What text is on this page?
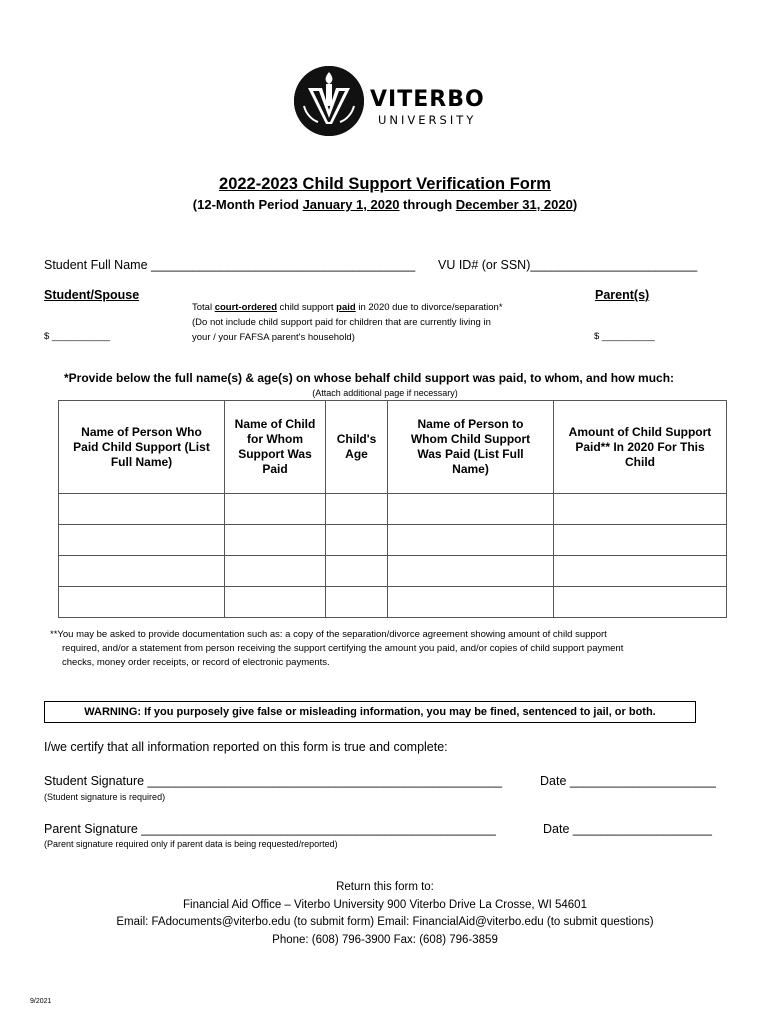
VITERBO
UNIVERSITY
2022-2023 Child Support Verification Form
(12-Month Period January 1, 2020 through December 31, 2020)
Student Full Name ______________________________________ VU ID# (or SSN)________________________
Student/Spouse	Parent(s)
Total court-ordered child support paid in 2020 due to divorce/separation*
(Do not include child support paid for children that are currently living in
your / your FAFSA parent's household)
$ ___________	$ __________
*Provide below the full name(s) & age(s) on whose behalf child support was paid, to whom, and how much:
(Attach additional page if necessary)
Name of Person Who Paid Child Support (List Full Name)	Name of Child for Whom Support Was Paid	Child's Age	Name of Person to Whom Child Support Was Paid (List Full Name)	Amount of Child Support Paid** In 2020 For This Child

**You may be asked to provide documentation such as: a copy of the separation/divorce agreement showing amount of child support
required, and/or a statement from person receiving the support certifying the amount you paid, and/or copies of child support payment
checks, money order receipts, or record of electronic payments.
WARNING: If you purposely give false or misleading information, you may be fined, sentenced to jail, or both.
I/we certify that all information reported on this form is true and complete:
Student Signature ___________________________________________________	Date _____________________
(Student signature is required)
Parent Signature ___________________________________________________	Date ____________________
(Parent signature required only if parent data is being requested/reported)
Return this form to:
Financial Aid Office – Viterbo University 900 Viterbo Drive La Crosse, WI 54601
Email: FAdocuments@viterbo.edu (to submit form) Email: FinancialAid@viterbo.edu (to submit questions)
Phone: (608) 796-3900 Fax: (608) 796-3859
9/2021
